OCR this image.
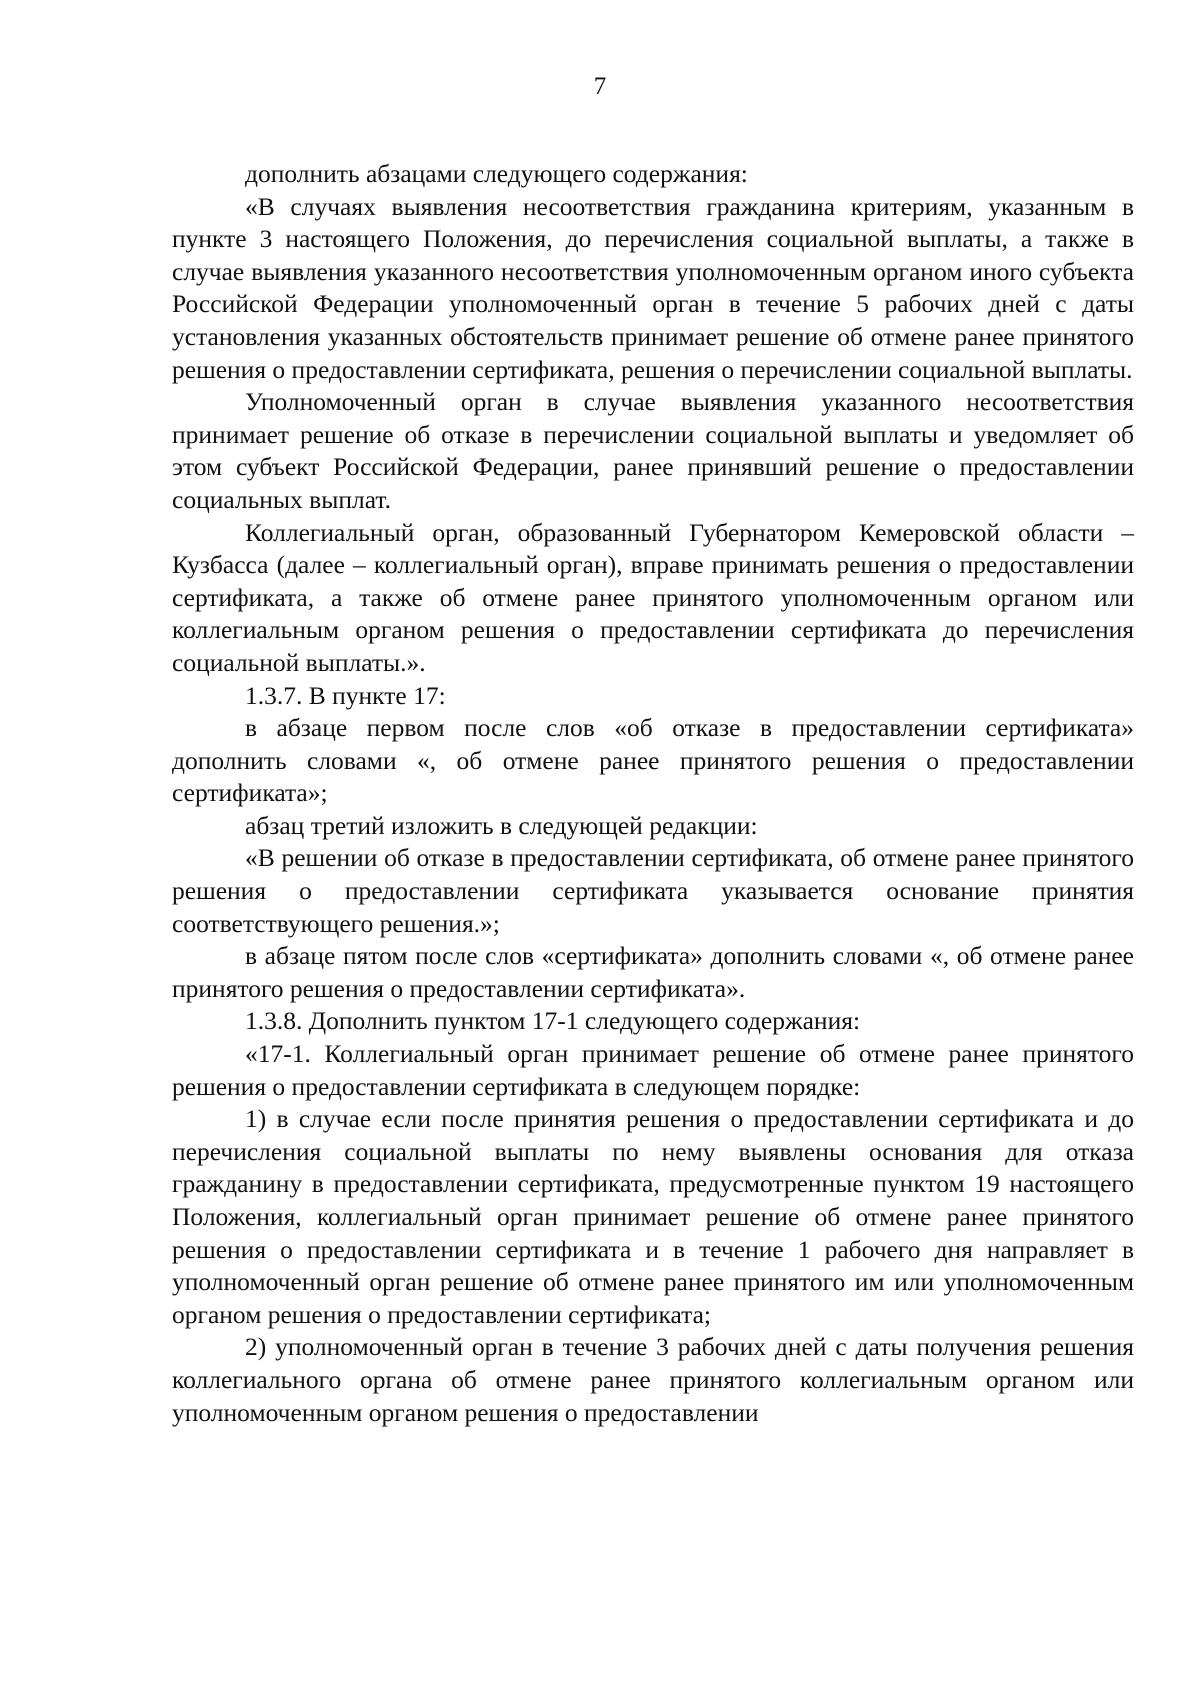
7

дополнить абзацами следующего содержания:

«В случаях выявления несоответствия гражданина критериям, указанным в пункте 3 настоящего Положения, до перечисления социальной выплаты, а также в случае выявления указанного несоответствия уполномоченным органом иного субъекта Российской Федерации уполномоченный орган в течение 5 рабочих дней с даты установления указанных обстоятельств принимает решение об отмене ранее принятого решения о предоставлении сертификата, решения о перечислении социальной выплаты.

Уполномоченный орган в случае выявления указанного несоответствия принимает решение об отказе в перечислении социальной выплаты и уведомляет об этом субъект Российской Федерации, ранее принявший решение о предоставлении социальных выплат.

Коллегиальный орган, образованный Губернатором Кемеровской области – Кузбасса (далее – коллегиальный орган), вправе принимать решения о предоставлении сертификата, а также об отмене ранее принятого уполномоченным органом или коллегиальным органом решения о предоставлении сертификата до перечисления социальной выплаты.».

1.3.7. В пункте 17:

в абзаце первом после слов «об отказе в предоставлении сертификата» дополнить словами «, об отмене ранее принятого решения о предоставлении сертификата»;

абзац третий изложить в следующей редакции:

«В решении об отказе в предоставлении сертификата, об отмене ранее принятого решения о предоставлении сертификата указывается основание принятия соответствующего решения.»;

в абзаце пятом после слов «сертификата» дополнить словами «, об отмене ранее принятого решения о предоставлении сертификата».

1.3.8. Дополнить пунктом 17-1 следующего содержания:

«17-1. Коллегиальный орган принимает решение об отмене ранее принятого решения о предоставлении сертификата в следующем порядке:

1) в случае если после принятия решения о предоставлении сертификата и до перечисления социальной выплаты по нему выявлены основания для отказа гражданину в предоставлении сертификата, предусмотренные пунктом 19 настоящего Положения, коллегиальный орган принимает решение об отмене ранее принятого решения о предоставлении сертификата и в течение 1 рабочего дня направляет в уполномоченный орган решение об отмене ранее принятого им или уполномоченным органом решения о предоставлении сертификата;

2) уполномоченный орган в течение 3 рабочих дней с даты получения решения коллегиального органа об отмене ранее принятого коллегиальным органом или уполномоченным органом решения о предоставлении
